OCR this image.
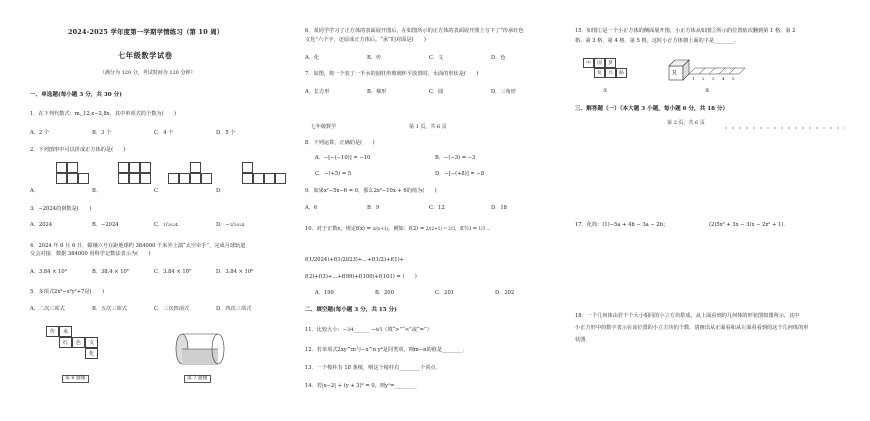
2024-2025 学年度第一学期学情练习（第 10 周）
七年级数学试卷
（满分为 120 分，考试时间为 120 分钟）
一、单选题(每小题 3 分，共 30 分)
1．在下列代数式：m,,12,x−2,8x，其中单项式的个数为(　　)
A．2 个	B．3 个	C．4 个	D．5 个
2．下列图形中可以折成正方体的是(　　)
A．	B．	C．	D．
3．−2024的倒数是(　　)
A．2024	B．−2024	C．1/2024	D．−1/2024
4．2024 年 6 月 6 日，嫦娥六号在距地球约 384000 千米外上演“太空牵手”，完成月球轨道
交会对接．数据 384000 用科学记数法表示为(　　)
A．3.84 × 10⁴	B．38.4 × 10⁵	C．3.84 × 10⁵	D．3.84 × 10⁶
5．多项式2x⁴−x²y²+7是(　　)
A．二次三项式	B．五次三项式	C．三次四项式	D．四次三项式
传	承
红	色	文
化
第 6 题图	第 7 题图
6．某同学学习了正方体的表面展开图后，在如图所示的正方体的表面展开图上写下了“传承红色
文化”六个字，还原成正方体后，“承”的对面是(　　)
A．化	B．传	C．文	D．色
7．如图，将一个装了一半水的圆柱形玻璃杯平放置时，水面的形状是(　　)
A．长方形	B．梯形	C．圆	D．三角形
七年级数学	第 1 页，共 6 页
8．下列运算，正确的是(　　)
A．−[−(−10)] = −10	B．−(−3) = −3
C．−(+5) = 5	D．−[−(+8)] = −8
9．如果x²−5x−6 = 0，那么2x²−10x + 6的值为(　　)
A．6	B．9	C．12	D．18
10．对于正数x，规定f(x) = x/(x+1)，例如：f(2) = 2/(2+1) = 2/3，f(½) = 1/3 …
f(1/2024)+f(1/2023)+…+f(1/2)+f(1)+
f(2)+f(3)+…+f(99)+f(100)+f(101) = (　　)
A．199	B．200	C．201	D．202
二、填空题(每小题 3 分，共 15 分)
11．比较大小：−3/4______ −4/5（填“>”“<”或“=”）
12．若单项式2xy^m与−x^n y⁴是同类项，则m−n的值是________．
13．一个棱柱有 18 条棱，则这个棱柱有________个顶点．
14．若|x−2| + (y + 3)² = 0，则yˣ=________．
15．如图①是一个小正方体的侧面展开图，小正方体从如图②所示的位置依次翻到第 1 格、第 2
格、第 3 格、第 4 格、第 5 格，这时小正方体朝上面的字是________．
中	国	梦
复	兴	路
①
复
1 2 3 4 5
②
三、解答题（一）（本大题 3 小题，每小题 6 分，共 18 分）
第 2 页，共 6 页
17．化简：(1)−5a + 4b − 3a − 2b；	(2)5x² + 3x − 3(x − 2x² + 1)．
18．一个几何体由若干个大小相同的小立方块搭成，从上面看到的几何体的形状图如图所示，其中
小正方形中的数字表示在该位置的小立方块的个数．请画出从正面看和从左面看看到的这个几何体的形
状图．
